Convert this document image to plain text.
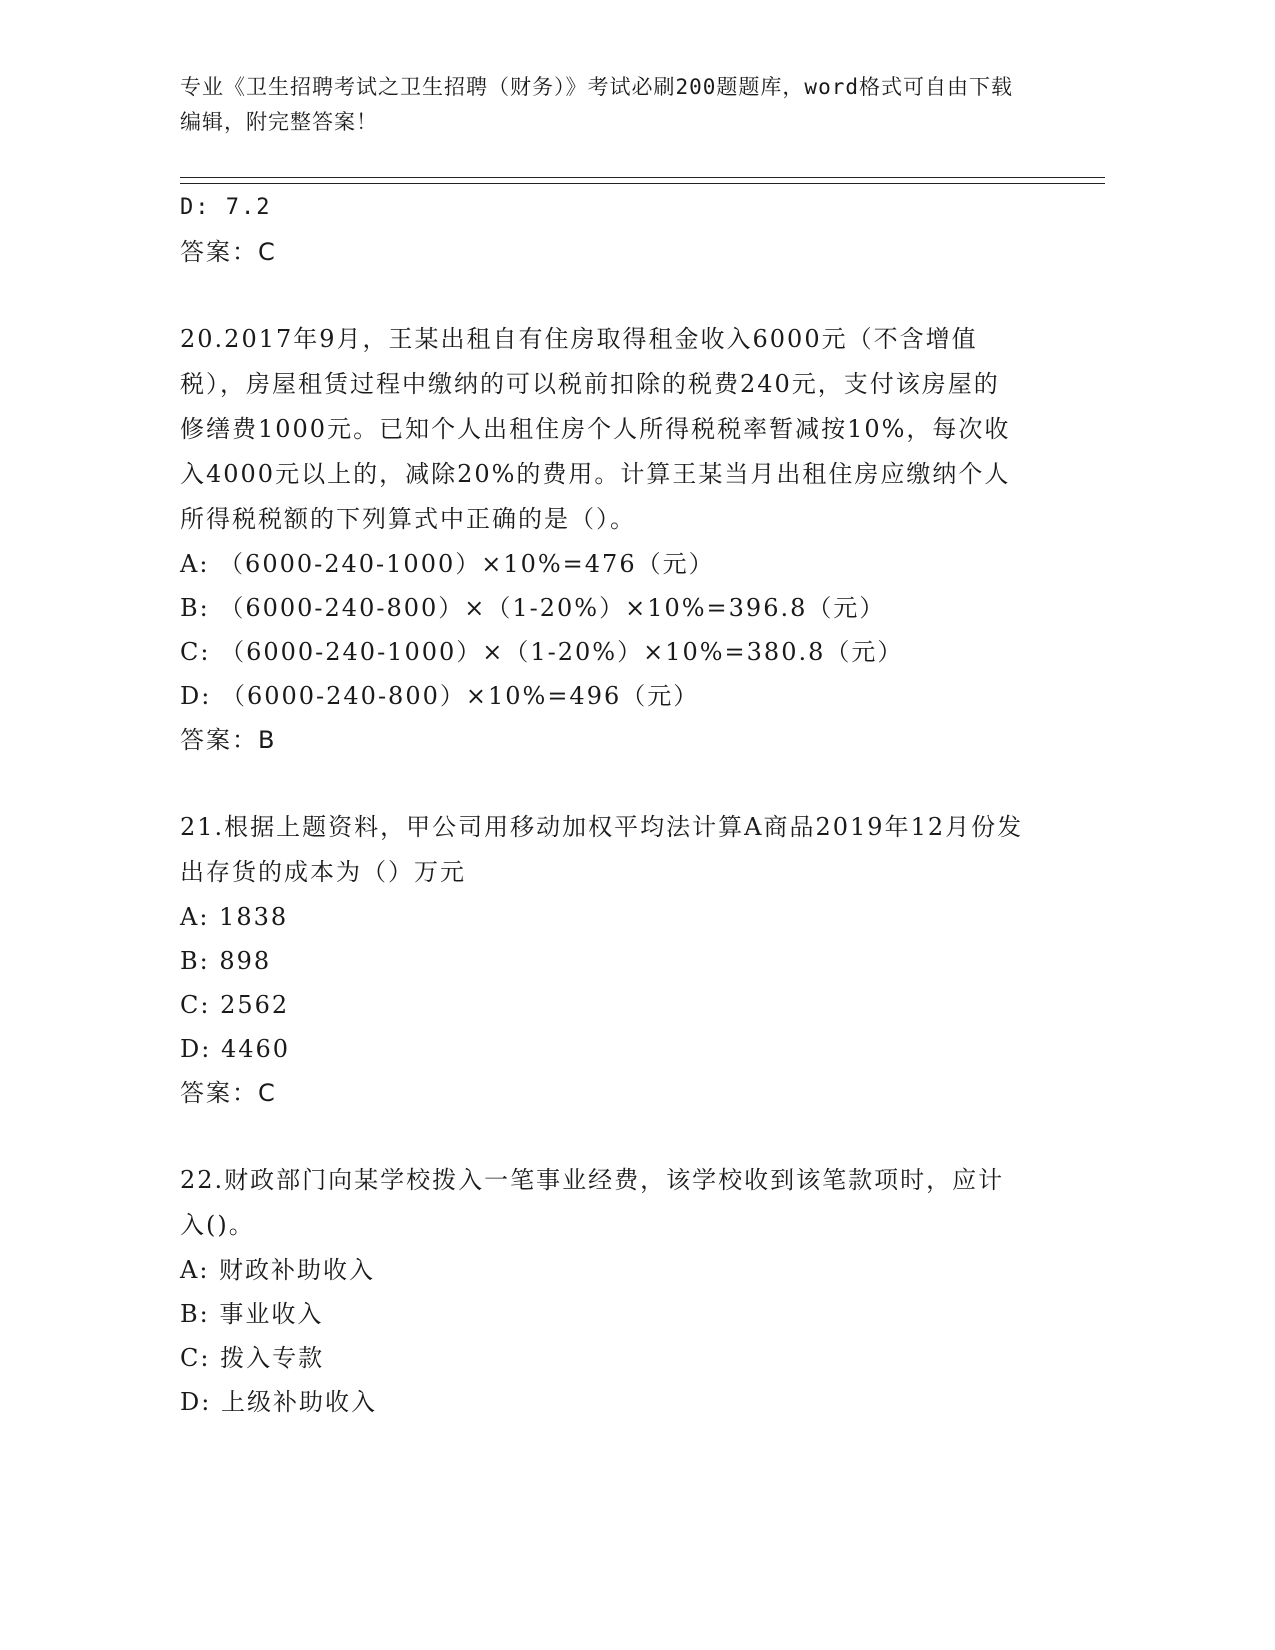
专业《卫生招聘考试之卫生招聘（财务）》考试必刷200题题库，word格式可自由下载编辑，附完整答案！
D: 7.2
答案：C
20.2017年9月，王某出租自有住房取得租金收入6000元（不含增值税），房屋租赁过程中缴纳的可以税前扣除的税费240元，支付该房屋的修缮费1000元。已知个人出租住房个人所得税税率暂减按10%，每次收入4000元以上的，减除20%的费用。计算王某当月出租住房应缴纳个人所得税税额的下列算式中正确的是（）。
A: （6000-240-1000）×10%=476（元）
B: （6000-240-800）×（1-20%）×10%=396.8（元）
C: （6000-240-1000）×（1-20%）×10%=380.8（元）
D: （6000-240-800）×10%=496（元）
答案：B
21.根据上题资料，甲公司用移动加权平均法计算A商品2019年12月份发出存货的成本为（）万元
A: 1838
B: 898
C: 2562
D: 4460
答案：C
22.财政部门向某学校拨入一笔事业经费，该学校收到该笔款项时，应计入()。
A: 财政补助收入
B: 事业收入
C: 拨入专款
D: 上级补助收入
